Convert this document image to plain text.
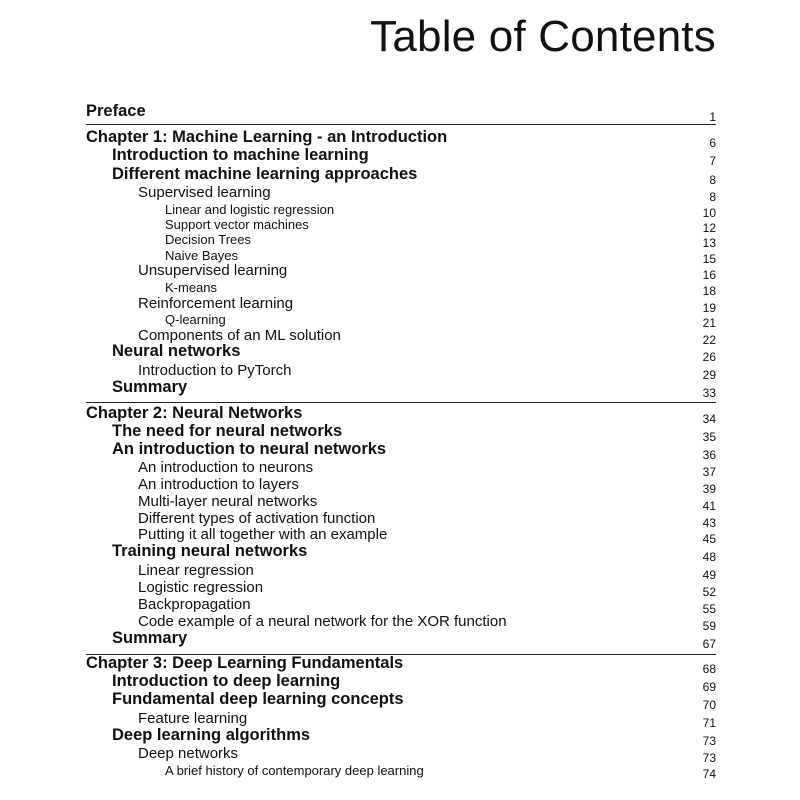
Table of Contents
Preface	1
Chapter 1: Machine Learning - an Introduction	6
Introduction to machine learning	7
Different machine learning approaches	8
Supervised learning	8
Linear and logistic regression	10
Support vector machines	12
Decision Trees	13
Naive Bayes	15
Unsupervised learning	16
K-means	18
Reinforcement learning	19
Q-learning	21
Components of an ML solution	22
Neural networks	26
Introduction to PyTorch	29
Summary	33
Chapter 2: Neural Networks	34
The need for neural networks	35
An introduction to neural networks	36
An introduction to neurons	37
An introduction to layers	39
Multi-layer neural networks	41
Different types of activation function	43
Putting it all together with an example	45
Training neural networks	48
Linear regression	49
Logistic regression	52
Backpropagation	55
Code example of a neural network for the XOR function	59
Summary	67
Chapter 3: Deep Learning Fundamentals	68
Introduction to deep learning	69
Fundamental deep learning concepts	70
Feature learning	71
Deep learning algorithms	73
Deep networks	73
A brief history of contemporary deep learning	74
